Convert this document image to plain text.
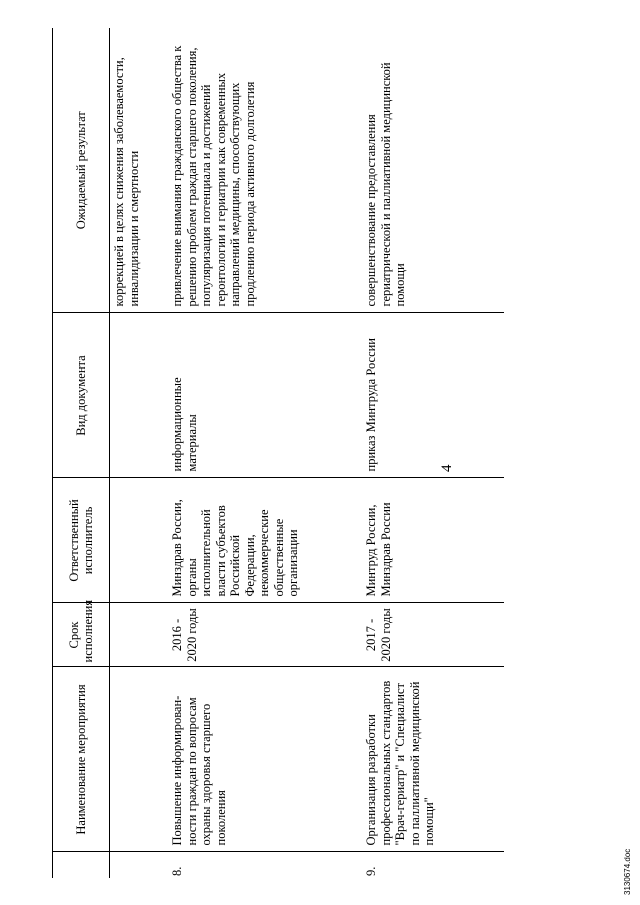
4
	Наименование мероприятия	Срок исполнения	Ответственный исполнитель	Вид документа	Ожидаемый результат
					коррекцией в целях снижения заболеваемости, инвалидизации и смертности
8.	Повышение информирован-ности граждан по вопросам охраны здоровья старшего поколения	2016 - 2020 годы	Минздрав России, органы исполнительной власти субъектов Российской Федерации, некоммерческие общественные организации	информационные материалы	привлечение внимания гражданского общества к решению проблем граждан старшего поколения, популяризация потенциала и достижений геронтологии и гериатрии как современных направлений медицины, способствующих продлению периода активного долголетия
9.	Организация разработки профессиональных стандартов "Врач-гериатр" и "Специалист по паллиативной медицинской помощи"	2017 - 2020 годы	Минтруд России, Минздрав России	приказ Минтруда России	совершенствование предоставления гериатрической и паллиативной медицинской помощи
3130674.doc
